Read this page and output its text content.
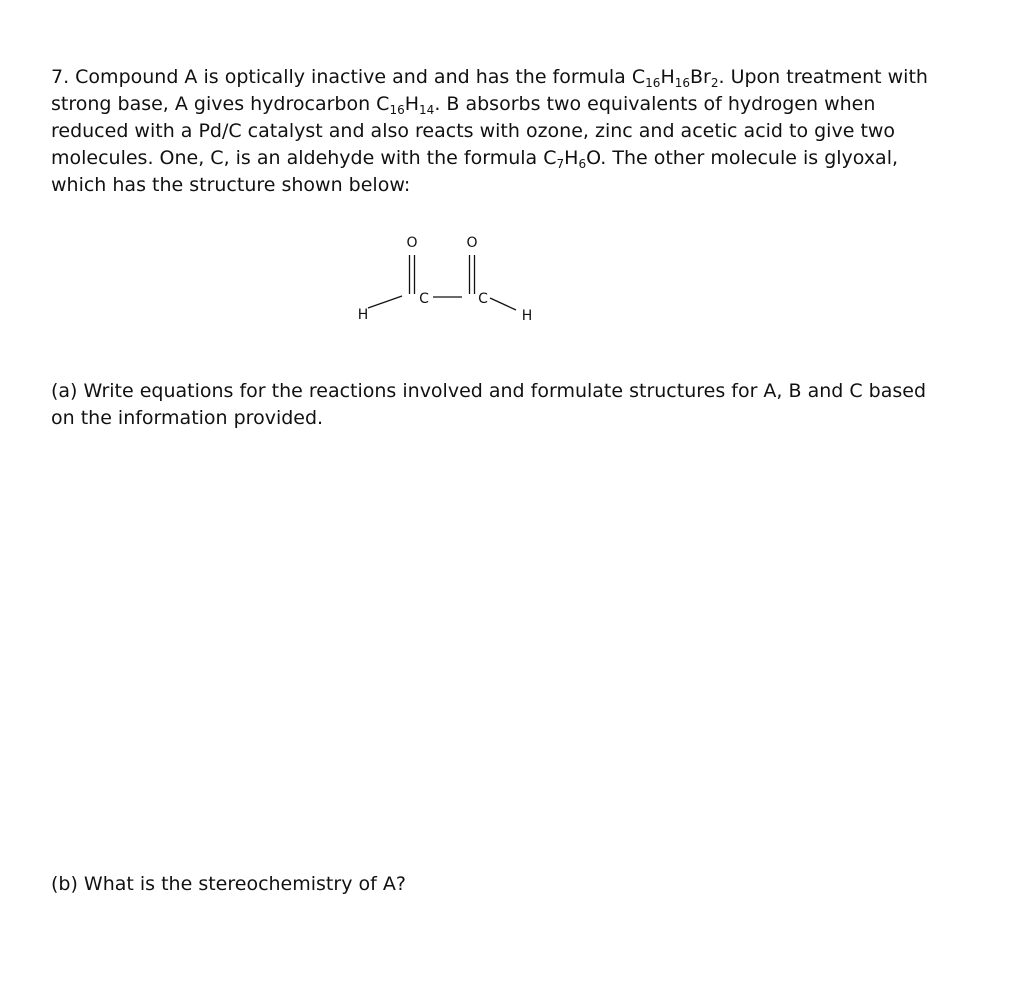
7. Compound A is optically inactive and and has the formula $C_{16}H_{16}Br_2$. Upon treatment with strong base, A gives hydrocarbon $C_{16}H_{14}$. B absorbs two equivalents of hydrogen when reduced with a Pd/C catalyst and also reacts with ozone, zinc and acetic acid to give two molecules. One, C, is an aldehyde with the formula $C_7H_6O$. The other molecule is glyoxal, which has the structure shown below:

O	O
C	C
H	H

(a) Write equations for the reactions involved and formulate structures for A, B and C based on the information provided.

(b) What is the stereochemistry of A?
